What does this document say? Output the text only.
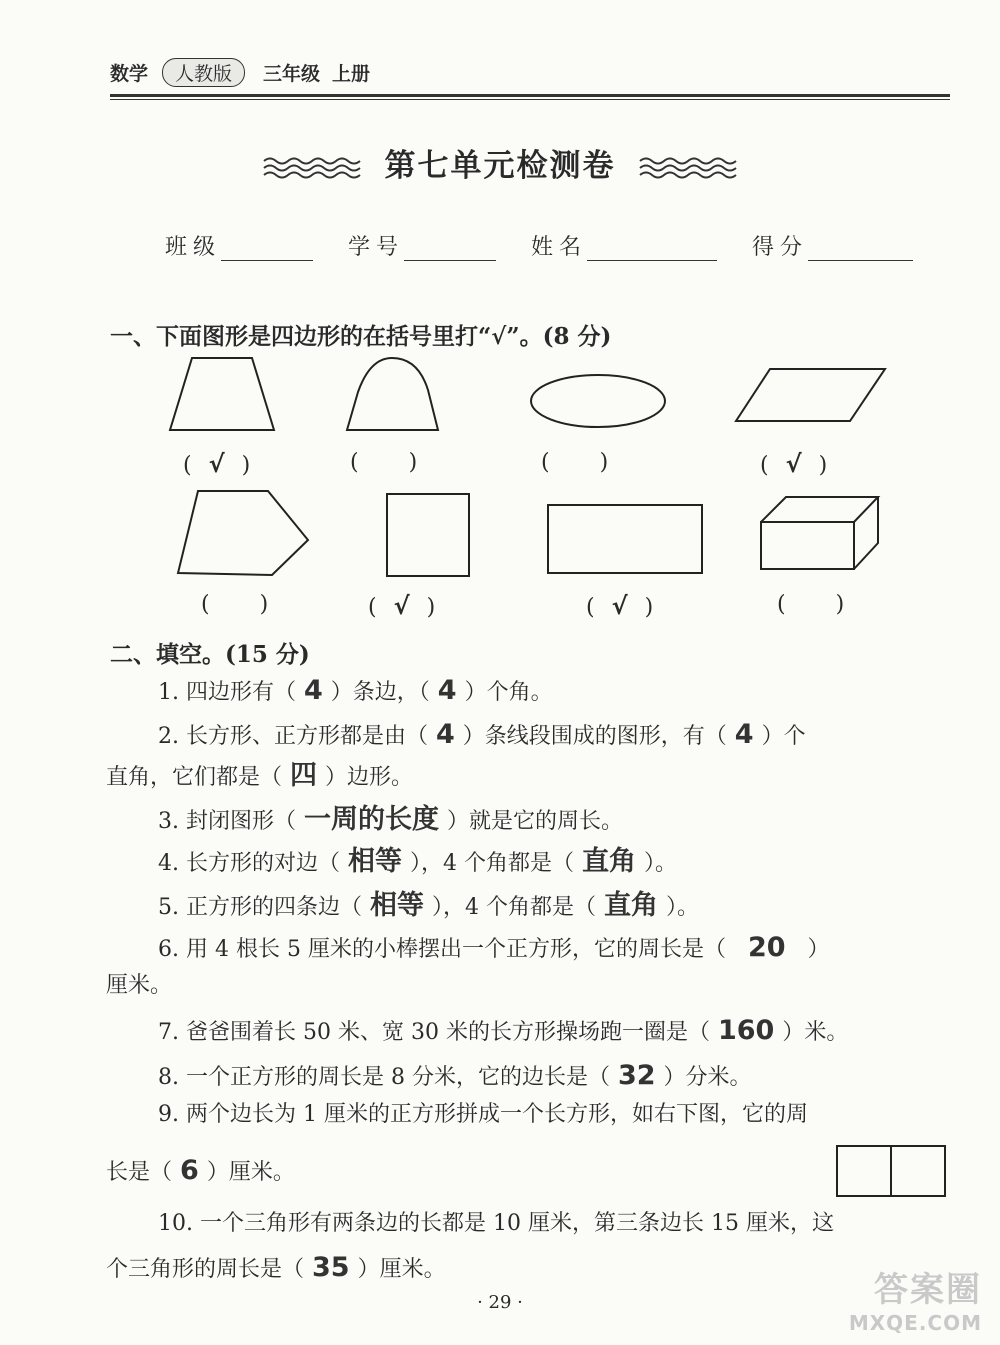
数学 人教版 三年级 上册
第七单元检测卷
班级	学号	姓名	得分
一、下面图形是四边形的在括号里打“√”。(8 分)
( √ )	( )	( )	( √ )
( )	( √ )	( √ )	( )
二、填空。(15 分)
1. 四边形有（ 4 ）条边，（ 4 ）个角。
2. 长方形、正方形都是由（ 4 ）条线段围成的图形，有（ 4 ）个
直角，它们都是（ 四 ）边形。
3. 封闭图形（ 一周的长度 ）就是它的周长。
4. 长方形的对边（ 相等 ），4 个角都是（ 直角 ）。
5. 正方形的四条边（ 相等 ），4 个角都是（ 直角 ）。
6. 用 4 根长 5 厘米的小棒摆出一个正方形，它的周长是（ 20 ）
厘米。
7. 爸爸围着长 50 米、宽 30 米的长方形操场跑一圈是（ 160 ）米。
8. 一个正方形的周长是 8 分米，它的边长是（ 32 ）分米。
9. 两个边长为 1 厘米的正方形拼成一个长方形，如右下图，它的周
长是（ 6 ）厘米。
10. 一个三角形有两条边的长都是 10 厘米，第三条边长 15 厘米，这
个三角形的周长是（ 35 ）厘米。
· 29 ·	答案圈
MXQE.COM
